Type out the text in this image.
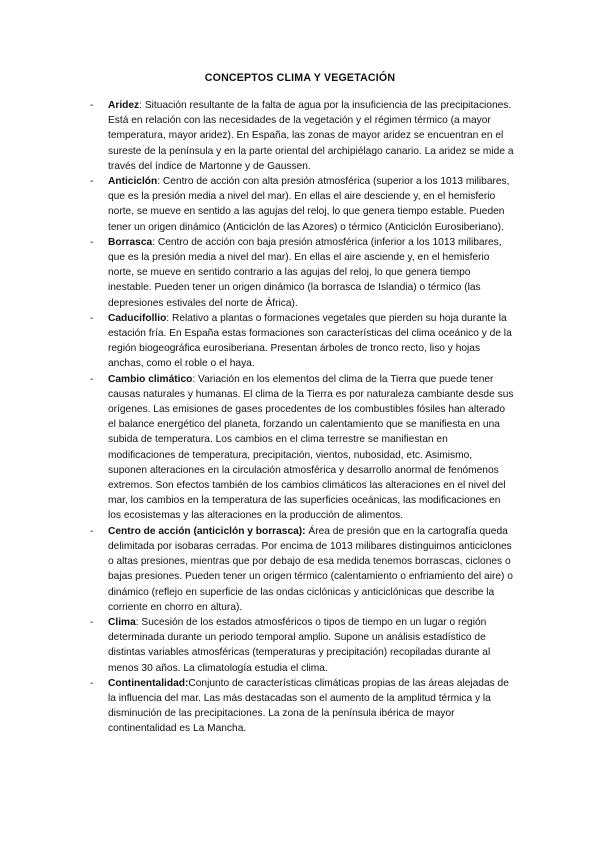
CONCEPTOS CLIMA Y VEGETACIÓN
- Aridez: Situación resultante de la falta de agua por la insuficiencia de las precipitaciones. Está en relación con las necesidades de la vegetación y el régimen térmico (a mayor temperatura, mayor aridez). En España, las zonas de mayor aridez se encuentran en el sureste de la península y en la parte oriental del archipiélago canario. La aridez se mide a través del índice de Martonne y de Gaussen.
- Anticiclón: Centro de acción con alta presión atmosférica (superior a los 1013 milibares, que es la presión media a nivel del mar). En ellas el aire desciende y, en el hemisferio norte, se mueve en sentido a las agujas del reloj, lo que genera tiempo estable. Pueden tener un origen dinámico (Anticiclón de las Azores) o térmico (Anticiclón Eurosiberiano).
- Borrasca: Centro de acción con baja presión atmosférica (inferior a los 1013 milibares, que es la presión media a nivel del mar). En ellas el aire asciende y, en el hemisferio norte, se mueve en sentido contrario a las agujas del reloj, lo que genera tiempo inestable. Pueden tener un origen dinámico (la borrasca de Islandia) o térmico (las depresiones estivales del norte de África).
- Caducifollio: Relativo a plantas o formaciones vegetales que pierden su hoja durante la estación fría. En España estas formaciones son características del clima oceánico y de la región biogeográfica eurosiberiana. Presentan árboles de tronco recto, liso y hojas anchas, como el roble o el haya.
- Cambio climático: Variación en los elementos del clima de la Tierra que puede tener causas naturales y humanas. El clima de la Tierra es por naturaleza cambiante desde sus orígenes. Las emisiones de gases procedentes de los combustibles fósiles han alterado el balance energético del planeta, forzando un calentamiento que se manifiesta en una subida de temperatura. Los cambios en el clima terrestre se manifiestan en modificaciones de temperatura, precipitación, vientos, nubosidad, etc. Asimismo, suponen alteraciones en la circulación atmosférica y desarrollo anormal de fenómenos extremos. Son efectos también de los cambios climáticos las alteraciones en el nivel del mar, los cambios en la temperatura de las superficies oceánicas, las modificaciones en los ecosistemas y las alteraciones en la producción de alimentos.
- Centro de acción (anticiclón y borrasca): Área de presión que en la cartografía queda delimitada por isobaras cerradas. Por encima de 1013 milibares distinguimos anticiclones o altas presiones, mientras que por debajo de esa medida tenemos borrascas, ciclones o bajas presiones. Pueden tener un origen térmico (calentamiento o enfriamiento del aire) o dinámico (reflejo en superficie de las ondas ciclónicas y anticiclónicas que describe la corriente en chorro en altura).
- Clima: Sucesión de los estados atmosféricos o tipos de tiempo en un lugar o región determinada durante un periodo temporal amplio. Supone un análisis estadístico de distintas variables atmosféricas (temperaturas y precipitación) recopiladas durante al menos 30 años. La climatología estudia el clima.
- Continentalidad:Conjunto de características climáticas propias de las áreas alejadas de la influencia del mar. Las más destacadas son el aumento de la amplitud térmica y la disminución de las precipitaciones. La zona de la península ibérica de mayor continentalidad es La Mancha.
